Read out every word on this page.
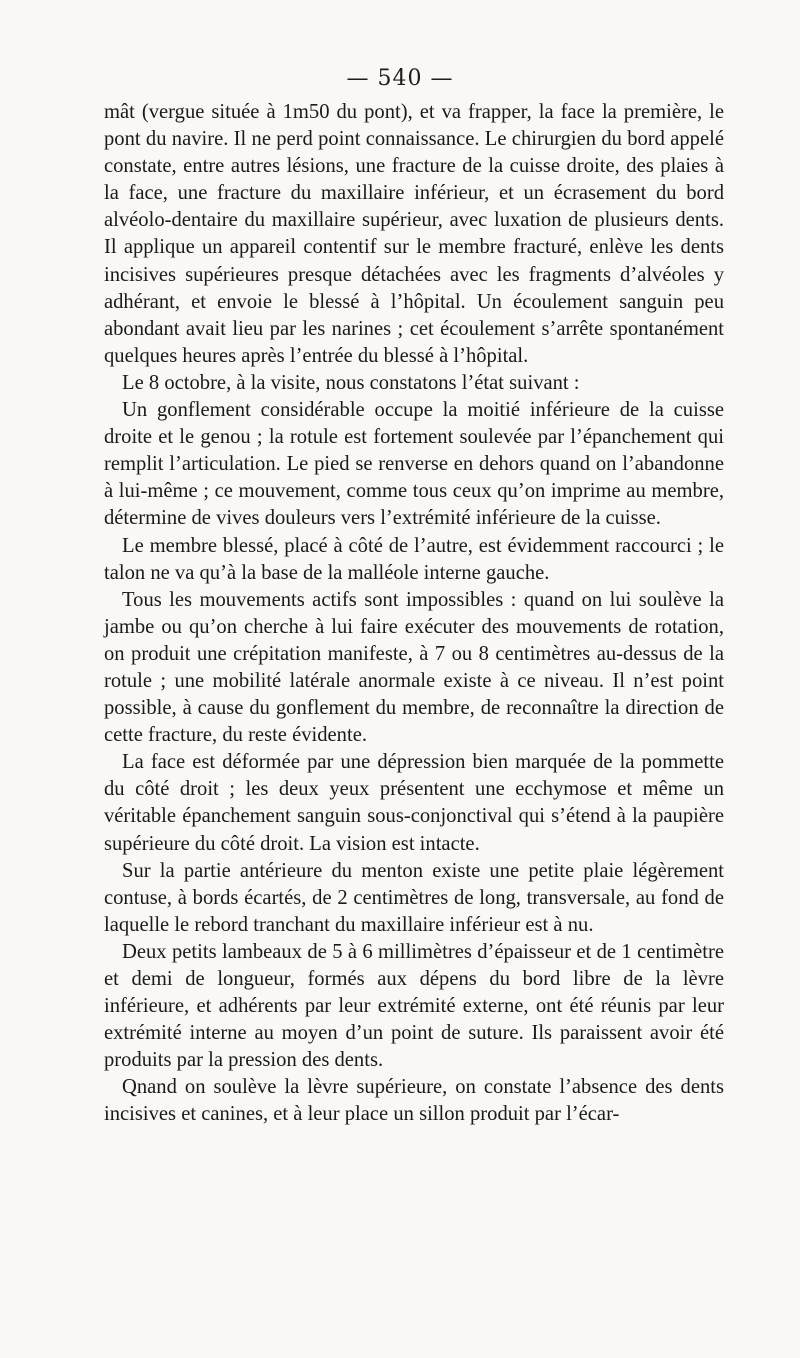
— 540 —

mât (vergue située à 1m50 du pont), et va frapper, la face la première, le pont du navire. Il ne perd point connaissance. Le chirurgien du bord appelé constate, entre autres lésions, une fracture de la cuisse droite, des plaies à la face, une fracture du maxillaire inférieur, et un écrasement du bord alvéolo-dentaire du maxillaire supérieur, avec luxation de plusieurs dents. Il applique un appareil contentif sur le membre fracturé, enlève les dents incisives supérieures presque détachées avec les fragments d’alvéoles y adhérant, et envoie le blessé à l’hôpital. Un écoulement sanguin peu abondant avait lieu par les narines ; cet écoulement s’arrête spontanément quelques heures après l’entrée du blessé à l’hôpital.

Le 8 octobre, à la visite, nous constatons l’état suivant :

Un gonflement considérable occupe la moitié inférieure de la cuisse droite et le genou ; la rotule est fortement soulevée par l’épanchement qui remplit l’articulation. Le pied se renverse en dehors quand on l’abandonne à lui-même ; ce mouvement, comme tous ceux qu’on imprime au membre, détermine de vives douleurs vers l’extrémité inférieure de la cuisse.

Le membre blessé, placé à côté de l’autre, est évidemment raccourci ; le talon ne va qu’à la base de la malléole interne gauche.

Tous les mouvements actifs sont impossibles : quand on lui soulève la jambe ou qu’on cherche à lui faire exécuter des mouvements de rotation, on produit une crépitation manifeste, à 7 ou 8 centimètres au-dessus de la rotule ; une mobilité latérale anormale existe à ce niveau. Il n’est point possible, à cause du gonflement du membre, de reconnaître la direction de cette fracture, du reste évidente.

La face est déformée par une dépression bien marquée de la pommette du côté droit ; les deux yeux présentent une ecchymose et même un véritable épanchement sanguin sous-conjonctival qui s’étend à la paupière supérieure du côté droit. La vision est intacte.

Sur la partie antérieure du menton existe une petite plaie légèrement contuse, à bords écartés, de 2 centimètres de long, transversale, au fond de laquelle le rebord tranchant du maxillaire inférieur est à nu.

Deux petits lambeaux de 5 à 6 millimètres d’épaisseur et de 1 centimètre et demi de longueur, formés aux dépens du bord libre de la lèvre inférieure, et adhérents par leur extrémité externe, ont été réunis par leur extrémité interne au moyen d’un point de suture. Ils paraissent avoir été produits par la pression des dents.

Qnand on soulève la lèvre supérieure, on constate l’absence des dents incisives et canines, et à leur place un sillon produit par l’écar-
